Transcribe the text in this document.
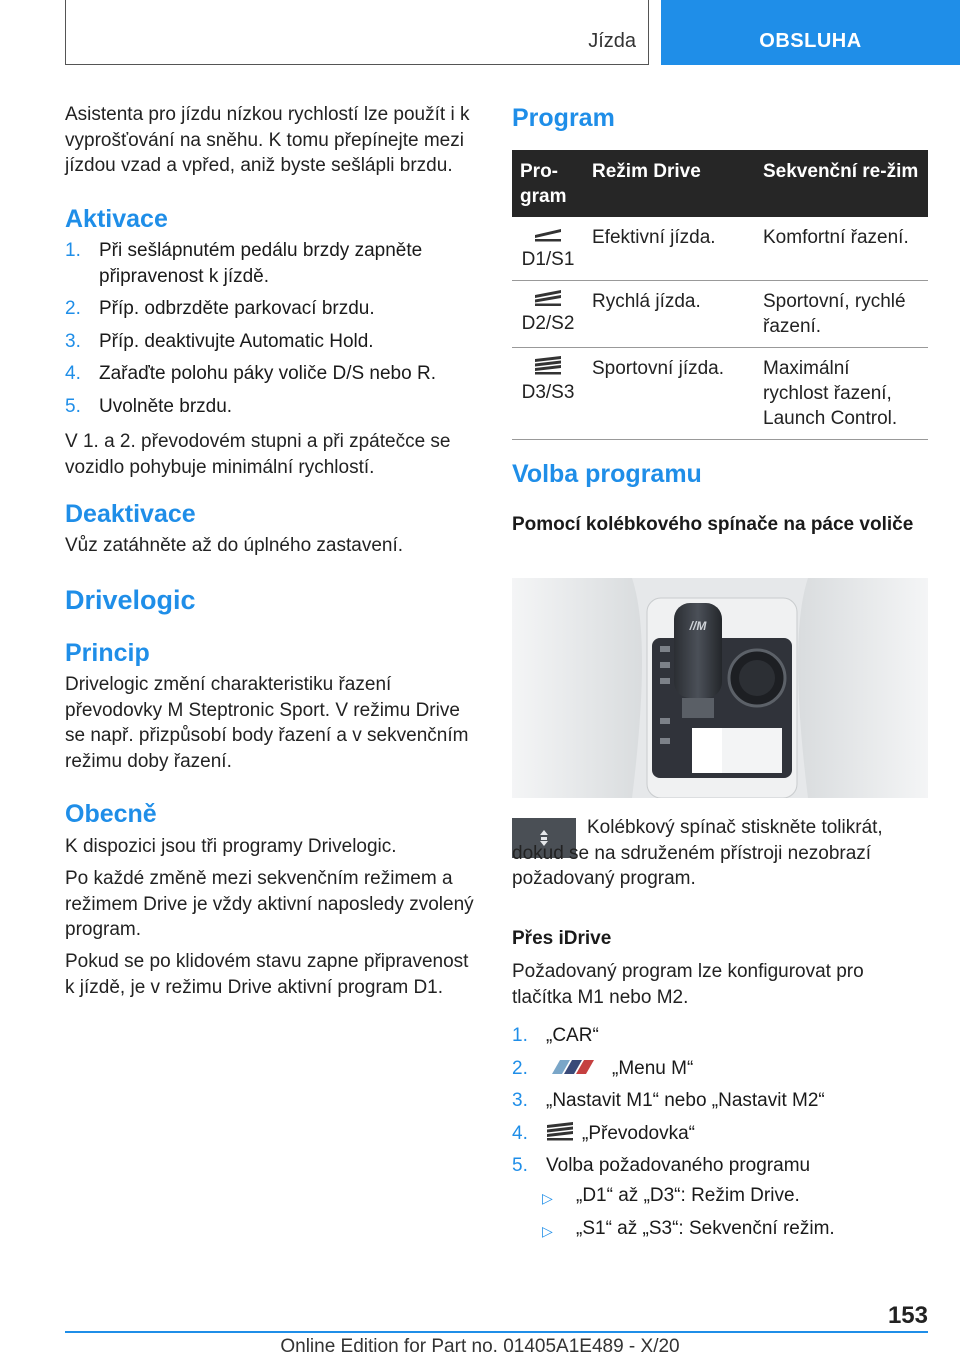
Jízda	OBSLUHA

Asistenta pro jízdu nízkou rychlostí lze použít i k vyprošťování na sněhu. K tomu přepínejte mezi jízdou vzad a vpřed, aniž byste sešlápli brzdu.

Aktivace
1. Při sešlápnutém pedálu brzdy zapněte připravenost k jízdě.
2. Příp. odbrzděte parkovací brzdu.
3. Příp. deaktivujte Automatic Hold.
4. Zařaďte polohu páky voliče D/S nebo R.
5. Uvolněte brzdu.

V 1. a 2. převodovém stupni a při zpátečce se vozidlo pohybuje minimální rychlostí.

Deaktivace

Vůz zatáhněte až do úplného zastavení.

Drivelogic
Princip

Drivelogic změní charakteristiku řazení převodovky M Steptronic Sport. V režimu Drive se např. přizpůsobí body řazení a v sekvenčním režimu doby řazení.

Obecně

K dispozici jsou tři programy Drivelogic.

Po každé změně mezi sekvenčním režimem a režimem Drive je vždy aktivní naposledy zvolený program.

Pokud se po klidovém stavu zapne připravenost k jízdě, je v režimu Drive aktivní program D1.

Program
Pro-gram	Režim Drive	Sekvenční re-žim

D1/S1	Efektivní jízda.	Komfortní řazení.

D2/S2	Rychlá jízda.	Sportovní, rychlé řazení.

D3/S3	Sportovní jízda.	Maximální rychlost řazení, Launch Control.
Volba programu
Pomocí kolébkového spínače na páce voliče
//M

Kolébkový spínač stiskněte tolikrát, dokud se na sdruženém přístroji nezobrazí požadovaný program.

Přes iDrive

Požadovaný program lze konfigurovat pro tlačítka M1 nebo M2.

1. „CAR“
2.	„Menu M“
3. „Nastavit M1“ nebo „Nastavit M2“
4.	„Převodovka“
5. Volba požadovaného programu
▷ „D1“ až „D3“: Režim Drive.
▷ „S1“ až „S3“: Sekvenční režim.
153
Online Edition for Part no. 01405A1E489 - X/20
